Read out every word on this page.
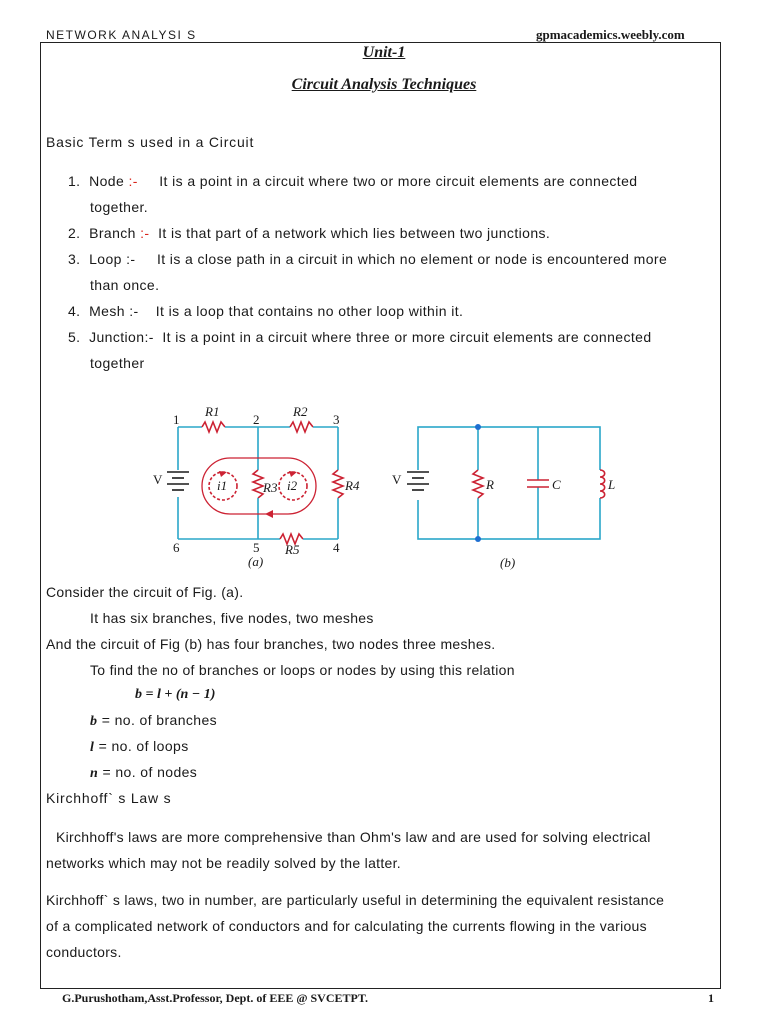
NETWORK ANALYSI S	gpmacademics.weebly.com
Unit-1
Circuit Analysis Techniques
Basic Term s used in a Circuit
1. Node :- It is a point in a circuit where two or more circuit elements are connected
together.
2. Branch :- It is that part of a network which lies between two junctions.
3. Loop :- It is a close path in a circuit in which no element or node is encountered more
than once.
4. Mesh :- It is a loop that contains no other loop within it.
5. Junction:- It is a point in a circuit where three or more circuit elements are connected
together
1	2	3
4
5
6
V
(a)
R1	R2
R3	R4
R5
i1	i2	V
(b)
R	C	L
Consider the circuit of Fig. (a).
It has six branches, five nodes, two meshes
And the circuit of Fig (b) has four branches, two nodes three meshes.
To find the no of branches or loops or nodes by using this relation
b = l + (n − 1)
b = no. of branches
l = no. of loops
n = no. of nodes
Kirchhoff` s Law s
Kirchhoff's laws are more comprehensive than Ohm's law and are used for solving electrical
networks which may not be readily solved by the latter.
Kirchhoff` s laws, two in number, are particularly useful in determining the equivalent resistance
of a complicated network of conductors and for calculating the currents flowing in the various
conductors.
G.Purushotham,Asst.Professor, Dept. of EEE @ SVCETPT.	1
